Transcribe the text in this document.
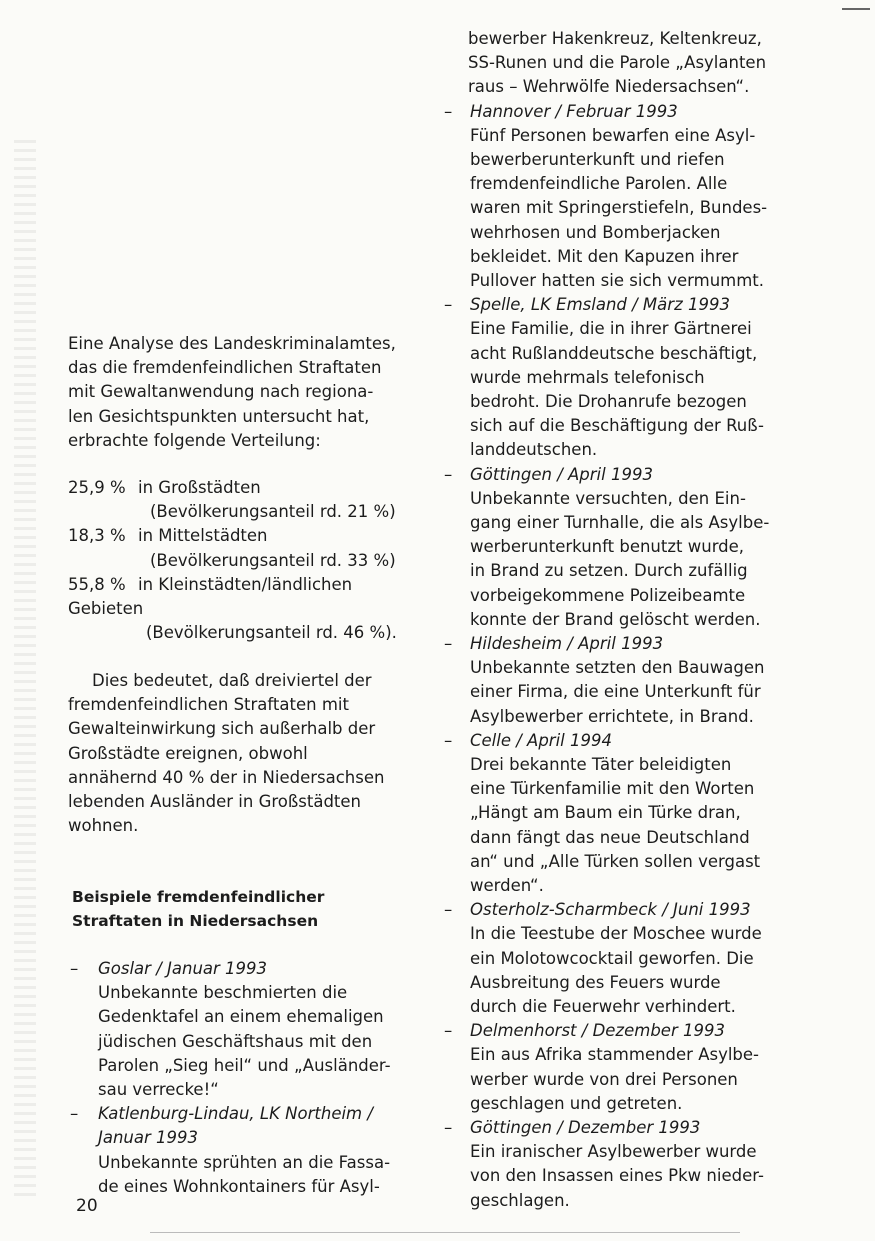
Eine Analyse des Landeskriminalamtes,
das die fremdenfeindlichen Straftaten
mit Gewaltanwendung nach regiona-
len Gesichtspunkten untersucht hat,
erbrachte folgende Verteilung:
25,9 % in Großstädten
(Bevölkerungsanteil rd. 21 %)
18,3 % in Mittelstädten
(Bevölkerungsanteil rd. 33 %)
55,8 % in Kleinstädten/ländlichen
Gebieten
(Bevölkerungsanteil rd. 46 %).
Dies bedeutet, daß dreiviertel der
fremdenfeindlichen Straftaten mit
Gewalteinwirkung sich außerhalb der
Großstädte ereignen, obwohl
annähernd 40 % der in Niedersachsen
lebenden Ausländer in Großstädten
wohnen.
Beispiele fremdenfeindlicher
Straftaten in Niedersachsen
– Goslar / Januar 1993
Unbekannte beschmierten die
Gedenktafel an einem ehemaligen
jüdischen Geschäftshaus mit den
Parolen „Sieg heil“ und „Ausländer-
sau verrecke!“
– Katlenburg-Lindau, LK Northeim /
Januar 1993
Unbekannte sprühten an die Fassa-
de eines Wohnkontainers für Asyl-
bewerber Hakenkreuz, Keltenkreuz,
SS-Runen und die Parole „Asylanten
raus – Wehrwölfe Niedersachsen“.
– Hannover / Februar 1993
Fünf Personen bewarfen eine Asyl-
bewerberunterkunft und riefen
fremdenfeindliche Parolen. Alle
waren mit Springerstiefeln, Bundes-
wehrhosen und Bomberjacken
bekleidet. Mit den Kapuzen ihrer
Pullover hatten sie sich vermummt.
– Spelle, LK Emsland / März 1993
Eine Familie, die in ihrer Gärtnerei
acht Rußlanddeutsche beschäftigt,
wurde mehrmals telefonisch
bedroht. Die Drohanrufe bezogen
sich auf die Beschäftigung der Ruß-
landdeutschen.
– Göttingen / April 1993
Unbekannte versuchten, den Ein-
gang einer Turnhalle, die als Asylbe-
werberunterkunft benutzt wurde,
in Brand zu setzen. Durch zufällig
vorbeigekommene Polizeibeamte
konnte der Brand gelöscht werden.
– Hildesheim / April 1993
Unbekannte setzten den Bauwagen
einer Firma, die eine Unterkunft für
Asylbewerber errichtete, in Brand.
– Celle / April 1994
Drei bekannte Täter beleidigten
eine Türkenfamilie mit den Worten
„Hängt am Baum ein Türke dran,
dann fängt das neue Deutschland
an“ und „Alle Türken sollen vergast
werden“.
– Osterholz-Scharmbeck / Juni 1993
In die Teestube der Moschee wurde
ein Molotowcocktail geworfen. Die
Ausbreitung des Feuers wurde
durch die Feuerwehr verhindert.
– Delmenhorst / Dezember 1993
Ein aus Afrika stammender Asylbe-
werber wurde von drei Personen
geschlagen und getreten.
– Göttingen / Dezember 1993
Ein iranischer Asylbewerber wurde
von den Insassen eines Pkw nieder-
geschlagen.
20
